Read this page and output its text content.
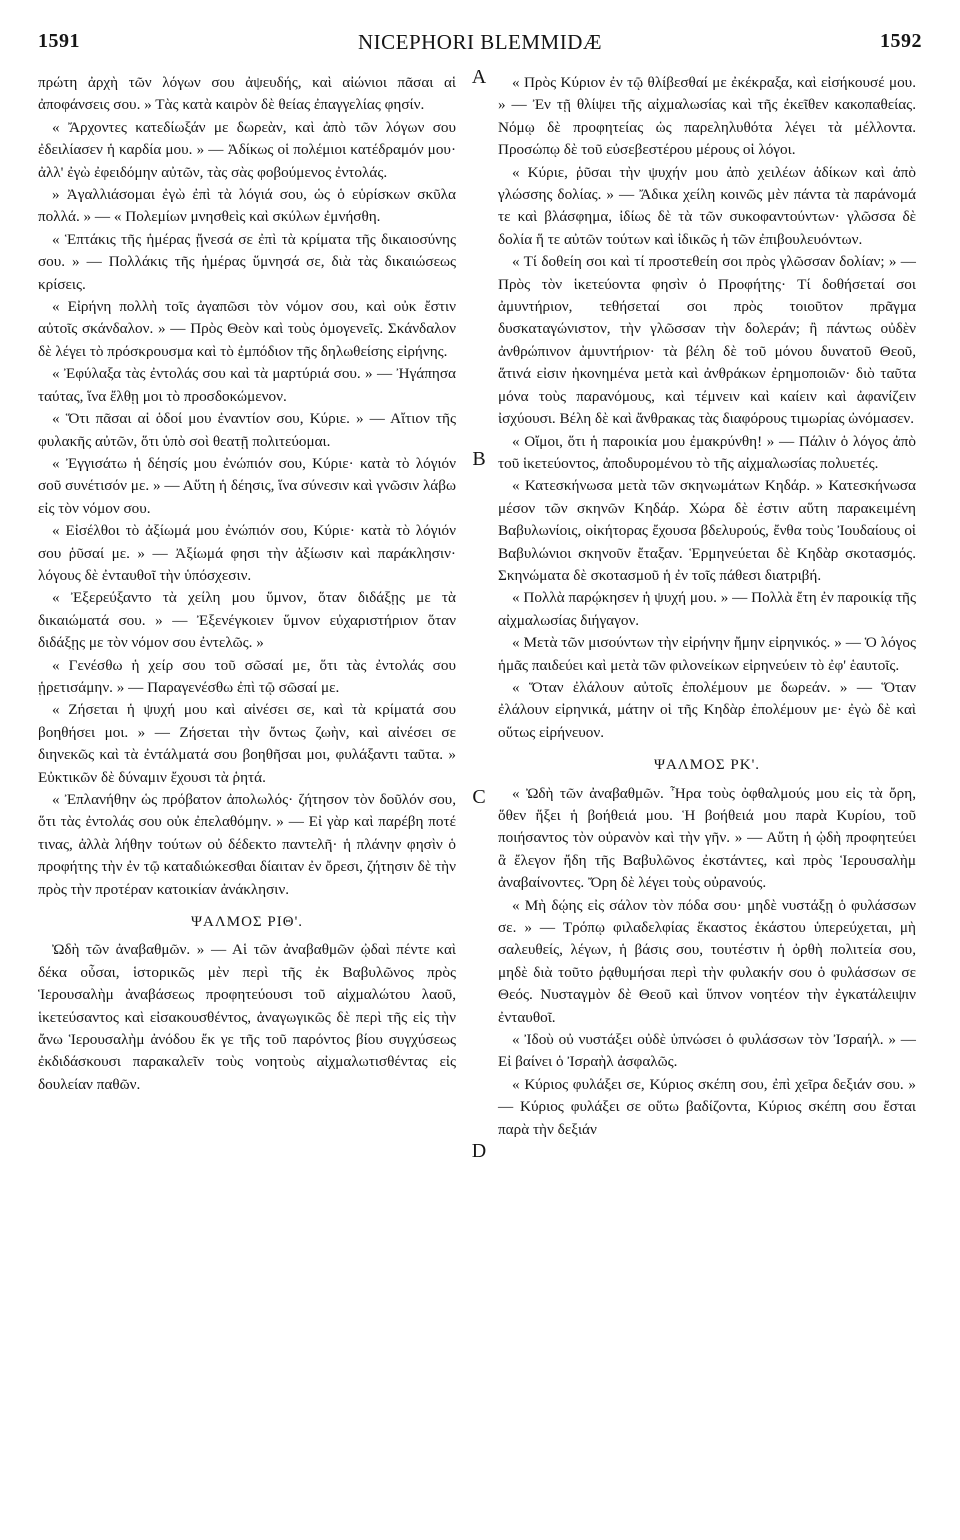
1591	NICEPHORI BLEMMIDÆ	1592
A
B
C
D

πρώτη ἀρχὴ τῶν λόγων σου ἀψευδής, καὶ αἰώνιοι πᾶσαι αἱ ἀποφάνσεις σου. » Τὰς κατὰ καιρὸν δὲ θείας ἐπαγγελίας φησίν.

« Ἄρχοντες κατεδίωξάν με δωρεὰν, καὶ ἀπὸ τῶν λόγων σου ἐδειλίασεν ἡ καρδία μου. » — Ἀδίκως οἱ πολέμιοι κατέδραμόν μου· ἀλλ' ἐγὼ ἐφειδόμην αὐτῶν, τὰς σὰς φοβούμενος ἐντολάς.

» Ἀγαλλιάσομαι ἐγὼ ἐπὶ τὰ λόγιά σου, ὡς ὁ εὑρίσκων σκῦλα πολλά. » — « Πολεμίων μνησθεὶς καὶ σκύλων ἐμνήσθη.

« Ἑπτάκις τῆς ἡμέρας ᾔνεσά σε ἐπὶ τὰ κρίματα τῆς δικαιοσύνης σου. » — Πολλάκις τῆς ἡμέρας ὕμνησά σε, διὰ τὰς δικαιώσεως κρίσεις.

« Εἰρήνη πολλὴ τοῖς ἀγαπῶσι τὸν νόμον σου, καὶ οὐκ ἔστιν αὐτοῖς σκάνδαλον. » — Πρὸς Θεὸν καὶ τοὺς ὁμογενεῖς. Σκάνδαλον δὲ λέγει τὸ πρόσκρουσμα καὶ τὸ ἐμπόδιον τῆς δηλωθείσης εἰρήνης.

« Ἐφύλαξα τὰς ἐντολάς σου καὶ τὰ μαρτύριά σου. » — Ἠγάπησα ταύτας, ἵνα ἔλθῃ μοι τὸ προσδοκώμενον.

« Ὅτι πᾶσαι αἱ ὁδοί μου ἐναντίον σου, Κύριε. » — Αἴτιον τῆς φυλακῆς αὐτῶν, ὅτι ὑπὸ σοὶ θεατῇ πολιτεύομαι.

« Ἐγγισάτω ἡ δέησίς μου ἐνώπιόν σου, Κύριε· κατὰ τὸ λόγιόν σοῦ συνέτισόν με. » — Αὕτη ἡ δέησις, ἵνα σύνεσιν καὶ γνῶσιν λάβω εἰς τὸν νόμον σου.

« Εἰσέλθοι τὸ ἀξίωμά μου ἐνώπιόν σου, Κύριε· κατὰ τὸ λόγιόν σου ῥῦσαί με. » — Ἀξίωμά φησι τὴν ἀξίωσιν καὶ παράκλησιν· λόγους δὲ ἐνταυθοῖ τὴν ὑπόσχεσιν.

« Ἐξερεύξαντο τὰ χείλη μου ὕμνον, ὅταν διδάξῃς με τὰ δικαιώματά σου. » — Ἐξενέγκοιεν ὕμνον εὐχαριστήριον ὅταν διδάξῃς με τὸν νόμον σου ἐντελῶς. »

« Γενέσθω ἡ χείρ σου τοῦ σῶσαί με, ὅτι τὰς ἐντολάς σου ᾑρετισάμην. » — Παραγενέσθω ἐπὶ τῷ σῶσαί με.

« Ζήσεται ἡ ψυχή μου καὶ αἰνέσει σε, καὶ τὰ κρίματά σου βοηθήσει μοι. » — Ζήσεται τὴν ὄντως ζωὴν, καὶ αἰνέσει σε διηνεκῶς καὶ τὰ ἐντάλματά σου βοηθῆσαι μοι, φυλάξαντι ταῦτα. » Εὐκτικῶν δὲ δύναμιν ἔχουσι τὰ ῥητά.

« Ἐπλανήθην ὡς πρόβατον ἀπολωλός· ζήτησον τὸν δοῦλόν σου, ὅτι τὰς ἐντολάς σου οὐκ ἐπελαθόμην. » — Εἰ γὰρ καὶ παρέβη ποτέ τινας, ἀλλὰ λήθην τούτων οὐ δέδεκτο παντελῆ· ἡ πλάνην φησὶν ὁ προφήτης τὴν ἐν τῷ καταδιώκεσθαι δίαιταν ἐν ὄρεσι, ζήτησιν δὲ τὴν πρὸς τὴν προτέραν κατοικίαν ἀνάκλησιν.

ΨΑΛΜΟΣ ΡΙΘ'.

Ὠδὴ τῶν ἀναβαθμῶν. » — Αἱ τῶν ἀναβαθμῶν ᾠδαὶ πέντε καὶ δέκα οὖσαι, ἱστορικῶς μὲν περὶ τῆς ἐκ Βαβυλῶνος πρὸς Ἱερουσαλὴμ ἀναβάσεως προφητεύουσι τοῦ αἰχμαλώτου λαοῦ, ἱκετεύσαντος καὶ εἰσακουσθέντος, ἀναγωγικῶς δὲ περὶ τῆς εἰς τὴν ἄνω Ἱερουσαλὴμ ἀνόδου ἔκ γε τῆς τοῦ παρόντος βίου συγχύσεως ἐκδιδάσκουσι παρακαλεῖν τοὺς νοητοὺς αἰχμαλωτισθέντας εἰς δουλείαν παθῶν.

« Πρὸς Κύριον ἐν τῷ θλίβεσθαί με ἐκέκραξα, καὶ εἰσήκουσέ μου. » — Ἐν τῇ θλίψει τῆς αἰχμαλωσίας καὶ τῆς ἐκεῖθεν κακοπαθείας. Νόμῳ δὲ προφητείας ὡς παρεληλυθότα λέγει τὰ μέλλοντα. Προσώπῳ δὲ τοῦ εὐσεβεστέρου μέρους οἱ λόγοι.

« Κύριε, ῥῦσαι τὴν ψυχήν μου ἀπὸ χειλέων ἀδίκων καὶ ἀπὸ γλώσσης δολίας. » — Ἄδικα χείλη κοινῶς μὲν πάντα τὰ παράνομά τε καὶ βλάσφημα, ἰδίως δὲ τὰ τῶν συκοφαντούντων· γλῶσσα δὲ δολία ἥ τε αὐτῶν τούτων καὶ ἰδικῶς ἡ τῶν ἐπιβουλευόντων.

« Τί δοθείη σοι καὶ τί προστεθείη σοι πρὸς γλῶσσαν δολίαν; » — Πρὸς τὸν ἱκετεύοντα φησὶν ὁ Προφήτης· Τί δοθήσεταί σοι ἀμυντήριον, τεθήσεταί σοι πρὸς τοιοῦτον πρᾶγμα δυσκαταγώνιστον, τὴν γλῶσσαν τὴν δολεράν; ἢ πάντως οὐδὲν ἀνθρώπινον ἀμυντήριον· τὰ βέλη δὲ τοῦ μόνου δυνατοῦ Θεοῦ, ἅτινά εἰσιν ἠκονημένα μετὰ καὶ ἀνθράκων ἐρημοποιῶν· διὸ ταῦτα μόνα τοὺς παρανόμους, καὶ τέμνειν καὶ καίειν καὶ ἀφανίζειν ἰσχύουσι. Βέλη δὲ καὶ ἄνθρακας τὰς διαφόρους τιμωρίας ὠνόμασεν.

« Οἴμοι, ὅτι ἡ παροικία μου ἐμακρύνθη! » — Πάλιν ὁ λόγος ἀπὸ τοῦ ἱκετεύοντος, ἀποδυρομένου τὸ τῆς αἰχμαλωσίας πολυετές.

« Κατεσκήνωσα μετὰ τῶν σκηνωμάτων Κηδάρ. » Κατεσκήνωσα μέσον τῶν σκηνῶν Κηδάρ. Χώρα δὲ ἐστιν αὕτη παρακειμένη Βαβυλωνίοις, οἰκήτορας ἔχουσα βδελυρούς, ἔνθα τοὺς Ἰουδαίους οἱ Βαβυλώνιοι σκηνοῦν ἔταξαν. Ἑρμηνεύεται δὲ Κηδὰρ σκοτασμός. Σκηνώματα δὲ σκοτασμοῦ ἡ ἐν τοῖς πάθεσι διατριβή.

« Πολλὰ παρῴκησεν ἡ ψυχή μου. » — Πολλὰ ἔτη ἐν παροικίᾳ τῆς αἰχμαλωσίας διήγαγον.

« Μετὰ τῶν μισούντων τὴν εἰρήνην ἤμην εἰρηνικός. » — Ὁ λόγος ἡμᾶς παιδεύει καὶ μετὰ τῶν φιλονείκων εἰρηνεύειν τὸ ἐφ' ἑαυτοῖς.

« Ὅταν ἐλάλουν αὐτοῖς ἐπολέμουν με δωρεάν. » — Ὅταν ἐλάλουν εἰρηνικά, μάτην οἱ τῆς Κηδὰρ ἐπολέμουν με· ἐγὼ δὲ καὶ οὕτως εἰρήνευον.

ΨΑΛΜΟΣ ΡΚ'.

« Ὠδὴ τῶν ἀναβαθμῶν. Ἦρα τοὺς ὀφθαλμούς μου εἰς τὰ ὄρη, ὅθεν ἥξει ἡ βοήθειά μου. Ἡ βοήθειά μου παρὰ Κυρίου, τοῦ ποιήσαντος τὸν οὐρανὸν καὶ τὴν γῆν. » — Αὕτη ἡ ᾠδὴ προφητεύει ἃ ἔλεγον ἤδη τῆς Βαβυλῶνος ἐκστάντες, καὶ πρὸς Ἱερουσαλὴμ ἀναβαίνοντες. Ὄρη δὲ λέγει τοὺς οὐρανούς.

« Μὴ δῴης εἰς σάλον τὸν πόδα σου· μηδὲ νυστάξῃ ὁ φυλάσσων σε. » — Τρόπῳ φιλαδελφίας ἕκαστος ἑκάστου ὑπερεύχεται, μὴ σαλευθείς, λέγων, ἡ βάσις σου, τουτέστιν ἡ ὀρθὴ πολιτεία σου, μηδὲ διὰ τοῦτο ῥᾳθυμήσαι περὶ τὴν φυλακήν σου ὁ φυλάσσων σε Θεός. Νυσταγμὸν δὲ Θεοῦ καὶ ὕπνον νοητέον τὴν ἐγκατάλειψιν ἐνταυθοῖ.

« Ἰδοὺ οὐ νυστάξει οὐδὲ ὑπνώσει ὁ φυλάσσων τὸν Ἰσραήλ. » — Εἰ βαίνει ὁ Ἰσραὴλ ἀσφαλῶς.

« Κύριος φυλάξει σε, Κύριος σκέπη σου, ἐπὶ χεῖρα δεξιάν σου. » — Κύριος φυλάξει σε οὕτω βαδίζοντα, Κύριος σκέπη σου ἔσται παρὰ τὴν δεξιάν
